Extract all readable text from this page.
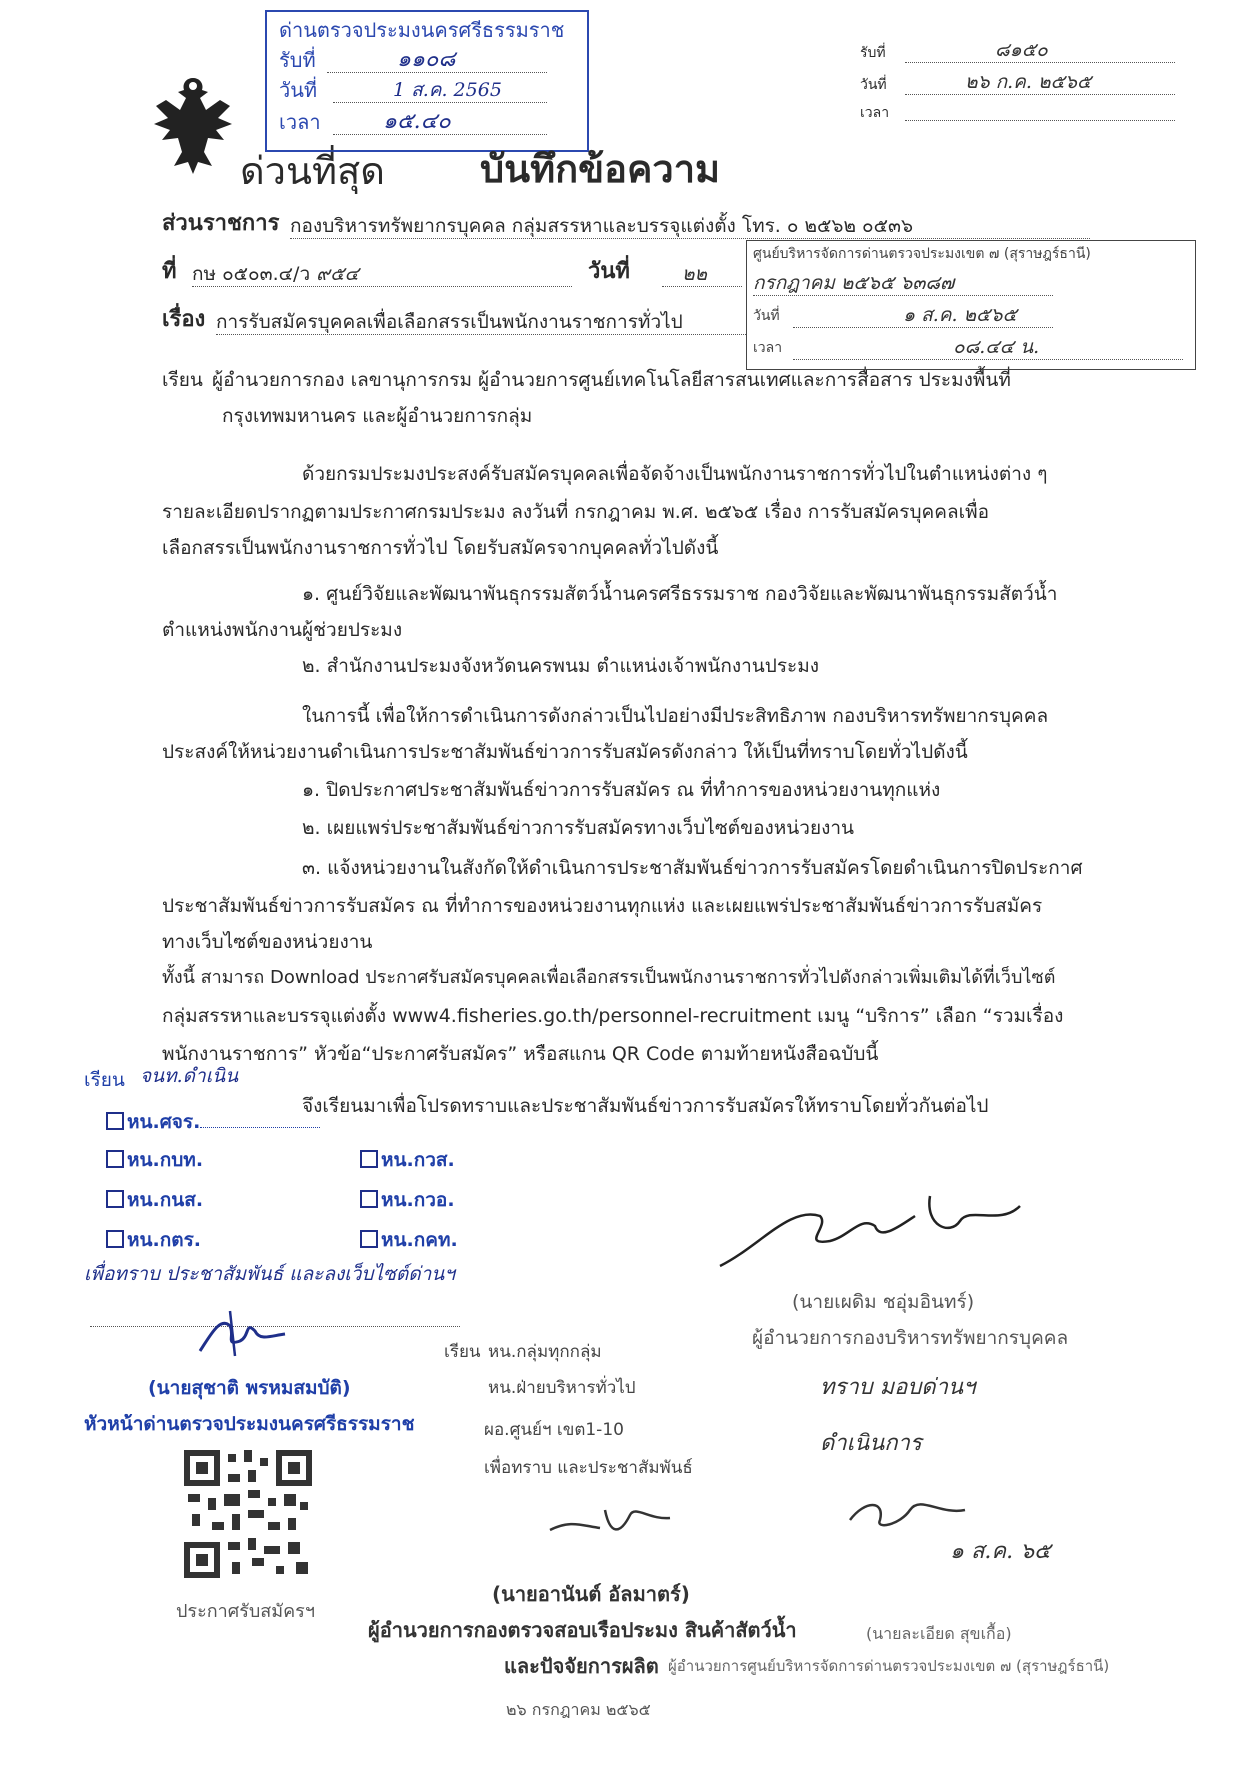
ด่านตรวจประมงนครศรีธรรมราช
รับที่	๑๑๐๘
วันที่	1 ส.ค. 2565
เวลา	๑๕.๔๐
รับที่	๘๑๕๐
วันที่	๒๖ ก.ค. ๒๕๖๕
เวลา
ด่วนที่สุด	บันทึกข้อความ
ส่วนราชการ กองบริหารทรัพยากรบุคคล กลุ่มสรรหาและบรรจุแต่งตั้ง โทร. ๐ ๒๕๖๒ ๐๕๓๖
ที่ กษ ๐๕๐๓.๔/ว ๙๕๔	วันที่	๒๒
เรื่อง การรับสมัครบุคคลเพื่อเลือกสรรเป็นพนักงานราชการทั่วไป
ศูนย์บริหารจัดการด่านตรวจประมงเขต ๗ (สุราษฎร์ธานี)
กรกฎาคม ๒๕๖๕ ๖๓๘๗
วันที่	๑ ส.ค. ๒๕๖๕
เวลา	๐๘.๔๔ น.
เรียน ผู้อำนวยการกอง เลขานุการกรม ผู้อำนวยการศูนย์เทคโนโลยีสารสนเทศและการสื่อสาร ประมงพื้นที่
กรุงเทพมหานคร และผู้อำนวยการกลุ่ม
ด้วยกรมประมงประสงค์รับสมัครบุคคลเพื่อจัดจ้างเป็นพนักงานราชการทั่วไปในตำแหน่งต่าง ๆ
รายละเอียดปรากฏตามประกาศกรมประมง ลงวันที่ กรกฎาคม พ.ศ. ๒๕๖๕ เรื่อง การรับสมัครบุคคลเพื่อ
เลือกสรรเป็นพนักงานราชการทั่วไป โดยรับสมัครจากบุคคลทั่วไปดังนี้
๑. ศูนย์วิจัยและพัฒนาพันธุกรรมสัตว์น้ำนครศรีธรรมราช กองวิจัยและพัฒนาพันธุกรรมสัตว์น้ำ
ตำแหน่งพนักงานผู้ช่วยประมง
๒. สำนักงานประมงจังหวัดนครพนม ตำแหน่งเจ้าพนักงานประมง
ในการนี้ เพื่อให้การดำเนินการดังกล่าวเป็นไปอย่างมีประสิทธิภาพ กองบริหารทรัพยากรบุคคล
ประสงค์ให้หน่วยงานดำเนินการประชาสัมพันธ์ข่าวการรับสมัครดังกล่าว ให้เป็นที่ทราบโดยทั่วไปดังนี้
๑. ปิดประกาศประชาสัมพันธ์ข่าวการรับสมัคร ณ ที่ทำการของหน่วยงานทุกแห่ง
๒. เผยแพร่ประชาสัมพันธ์ข่าวการรับสมัครทางเว็บไซต์ของหน่วยงาน
๓. แจ้งหน่วยงานในสังกัดให้ดำเนินการประชาสัมพันธ์ข่าวการรับสมัครโดยดำเนินการปิดประกาศ
ประชาสัมพันธ์ข่าวการรับสมัคร ณ ที่ทำการของหน่วยงานทุกแห่ง และเผยแพร่ประชาสัมพันธ์ข่าวการรับสมัคร
ทางเว็บไซต์ของหน่วยงาน
ทั้งนี้ สามารถ Download ประกาศรับสมัครบุคคลเพื่อเลือกสรรเป็นพนักงานราชการทั่วไปดังกล่าวเพิ่มเติมได้ที่เว็บไซต์
กลุ่มสรรหาและบรรจุแต่งตั้ง www4.fisheries.go.th/personnel-recruitment เมนู “บริการ” เลือก “รวมเรื่อง
พนักงานราชการ” หัวข้อ“ประกาศรับสมัคร” หรือสแกน QR Code ตามท้ายหนังสือฉบับนี้
จึงเรียนมาเพื่อโปรดทราบและประชาสัมพันธ์ข่าวการรับสมัครให้ทราบโดยทั่วกันต่อไป
เรียน จนท.ดำเนิน
หน.ศจร.
หน.กบท.	หน.กวส.
หน.กนส.	หน.กวอ.
หน.กตร.	หน.กคท.
เพื่อทราบ ประชาสัมพันธ์ และลงเว็บไซต์ด่านฯ
(นายสุชาติ พรหมสมบัติ)
หัวหน้าด่านตรวจประมงนครศรีธรรมราช
ประกาศรับสมัครฯ
(นายเผดิม ชอุ่มอินทร์)
ผู้อำนวยการกองบริหารทรัพยากรบุคคล
เรียน หน.กลุ่มทุกกลุ่ม
หน.ฝ่ายบริหารทั่วไป
ผอ.ศูนย์ฯ เขต1-10
เพื่อทราบ และประชาสัมพันธ์
(นายอานันต์ อัลมาตร์)
ผู้อำนวยการกองตรวจสอบเรือประมง สินค้าสัตว์น้ำ
และปัจจัยการผลิต
๒๖ กรกฎาคม ๒๕๖๕
ทราบ มอบด่านฯ
ดำเนินการ
๑ ส.ค. ๖๕
(นายละเอียด สุขเกื้อ)
ผู้อำนวยการศูนย์บริหารจัดการด่านตรวจประมงเขต ๗ (สุราษฎร์ธานี)
